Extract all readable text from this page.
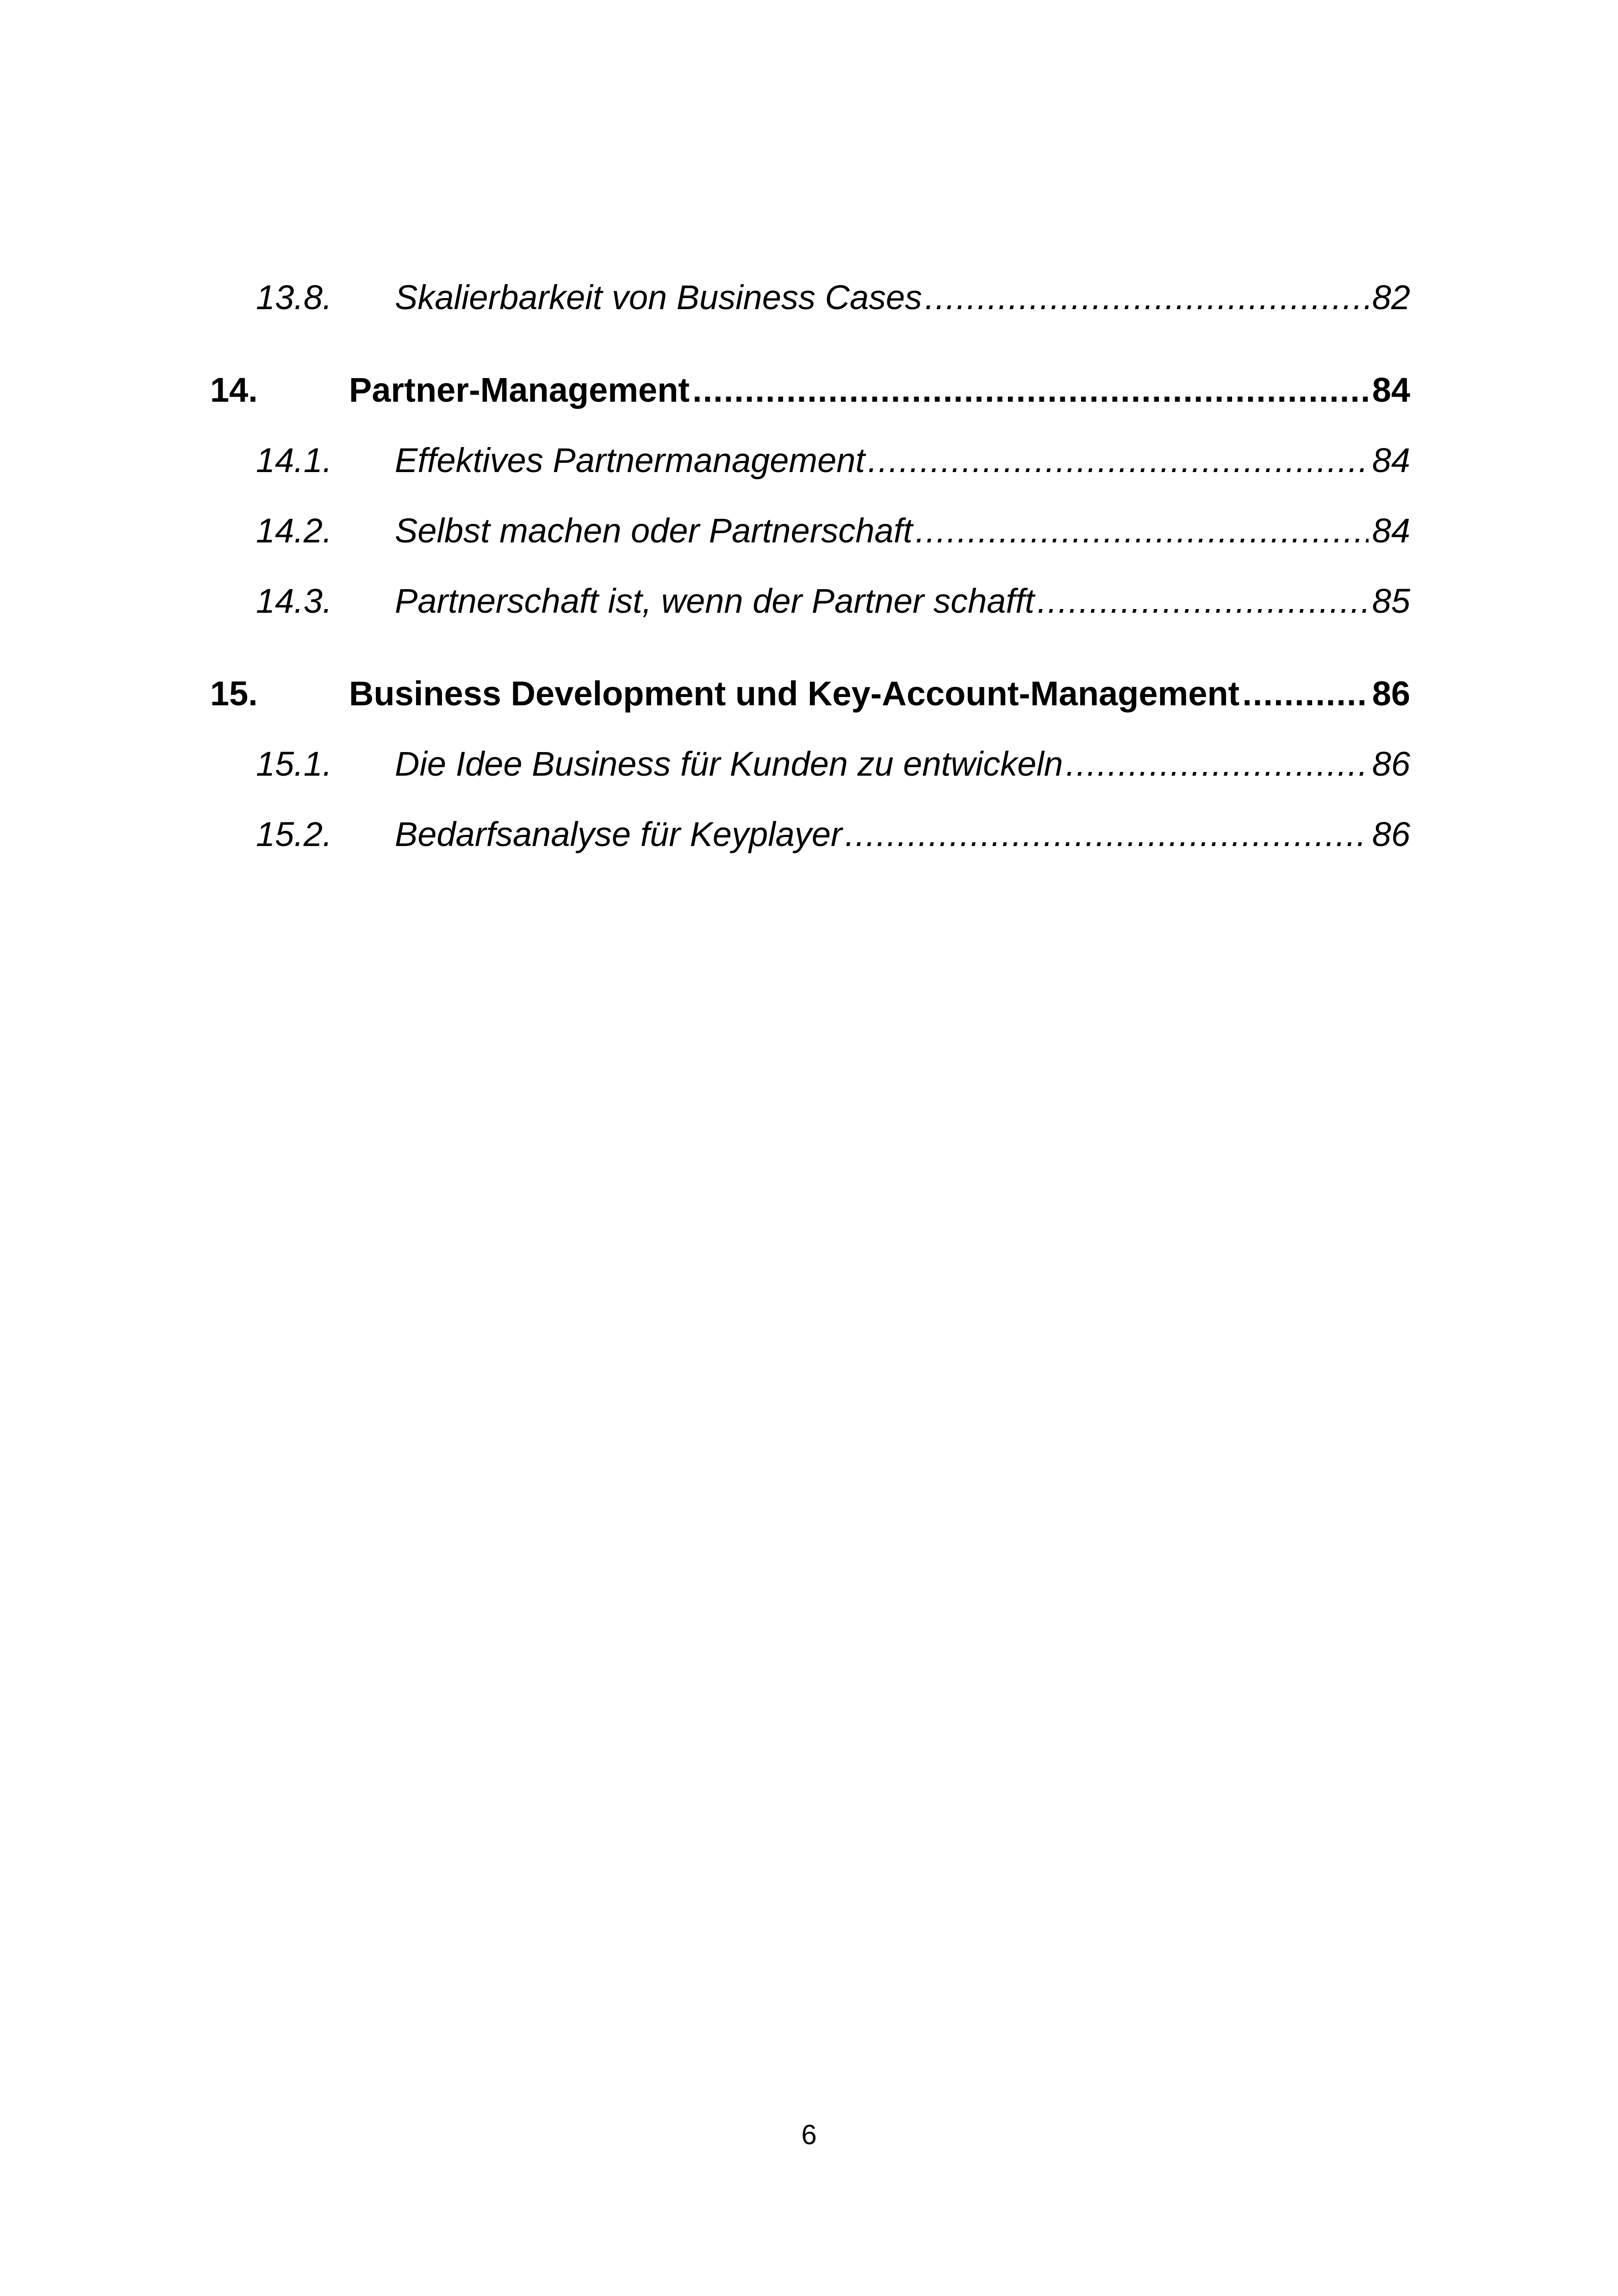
13.8.	Skalierbarkeit von Business Cases .....	82
14.	Partner-Management .....	84
14.1.	Effektives Partnermanagement .....	84
14.2.	Selbst machen oder Partnerschaft .....	84
14.3.	Partnerschaft ist, wenn der Partner schafft .....	85
15.	Business Development und Key-Account-Management .....	86
15.1.	Die Idee Business für Kunden zu entwickeln .....	86
15.2.	Bedarfsanalyse für Keyplayer .....	86
6
